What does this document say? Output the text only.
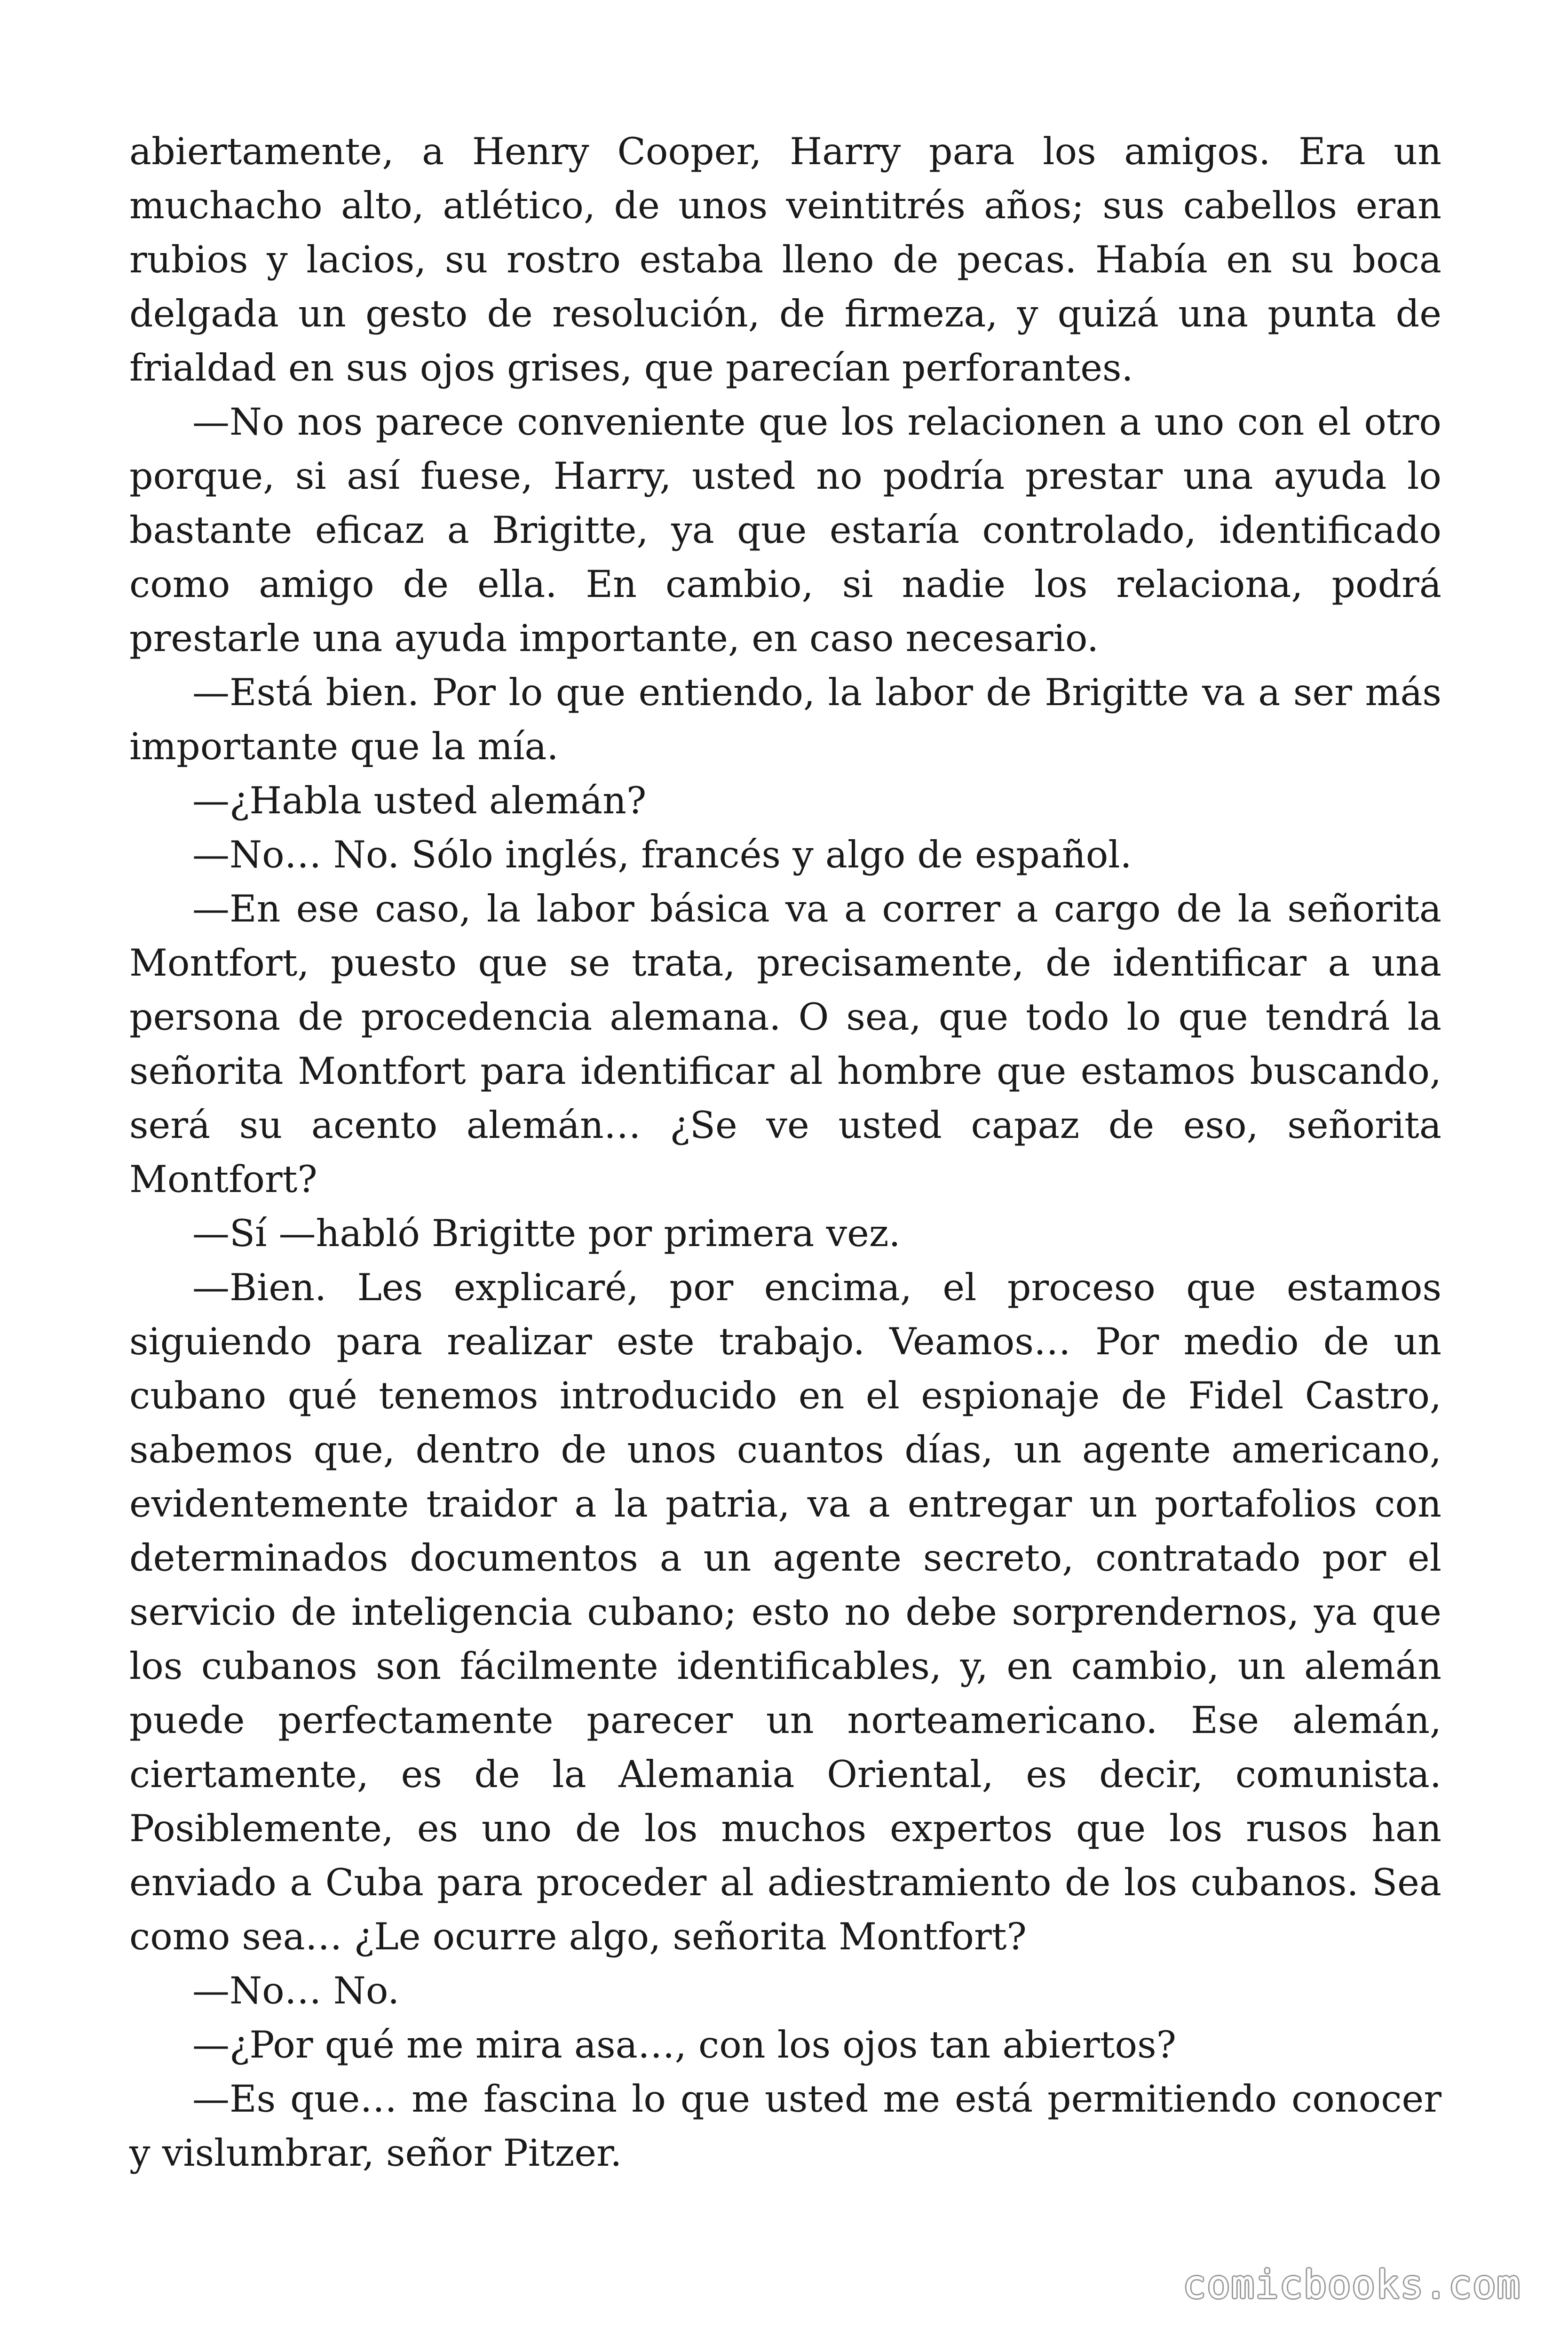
abiertamente, a Henry Cooper, Harry para los amigos. Era un muchacho alto, atlético, de unos veintitrés años; sus cabellos eran rubios y lacios, su rostro estaba lleno de pecas. Había en su boca delgada un gesto de resolución, de firmeza, y quizá una punta de frialdad en sus ojos grises, que parecían perforantes.

—No nos parece conveniente que los relacionen a uno con el otro porque, si así fuese, Harry, usted no podría prestar una ayuda lo bastante eficaz a Brigitte, ya que estaría controlado, identificado como amigo de ella. En cambio, si nadie los relaciona, podrá prestarle una ayuda importante, en caso necesario.

—Está bien. Por lo que entiendo, la labor de Brigitte va a ser más importante que la mía.

—¿Habla usted alemán?

—No… No. Sólo inglés, francés y algo de español.

—En ese caso, la labor básica va a correr a cargo de la señorita Montfort, puesto que se trata, precisamente, de identificar a una persona de procedencia alemana. O sea, que todo lo que tendrá la señorita Montfort para identificar al hombre que estamos buscando, será su acento alemán… ¿Se ve usted capaz de eso, señorita Montfort?

—Sí —habló Brigitte por primera vez.

—Bien. Les explicaré, por encima, el proceso que estamos siguiendo para realizar este trabajo. Veamos… Por medio de un cubano qué tenemos introducido en el espionaje de Fidel Castro, sabemos que, dentro de unos cuantos días, un agente americano, evidentemente traidor a la patria, va a entregar un portafolios con determinados documentos a un agente secreto, contratado por el servicio de inteligencia cubano; esto no debe sorprendernos, ya que los cubanos son fácilmente identificables, y, en cambio, un alemán puede perfectamente parecer un norteamericano. Ese alemán, ciertamente, es de la Alemania Oriental, es decir, comunista. Posiblemente, es uno de los muchos expertos que los rusos han enviado a Cuba para proceder al adiestramiento de los cubanos. Sea como sea… ¿Le ocurre algo, señorita Montfort?

—No… No.

—¿Por qué me mira asa…, con los ojos tan abiertos?

—Es que… me fascina lo que usted me está permitiendo conocer y vislumbrar, señor Pitzer.

comicbooks.com
